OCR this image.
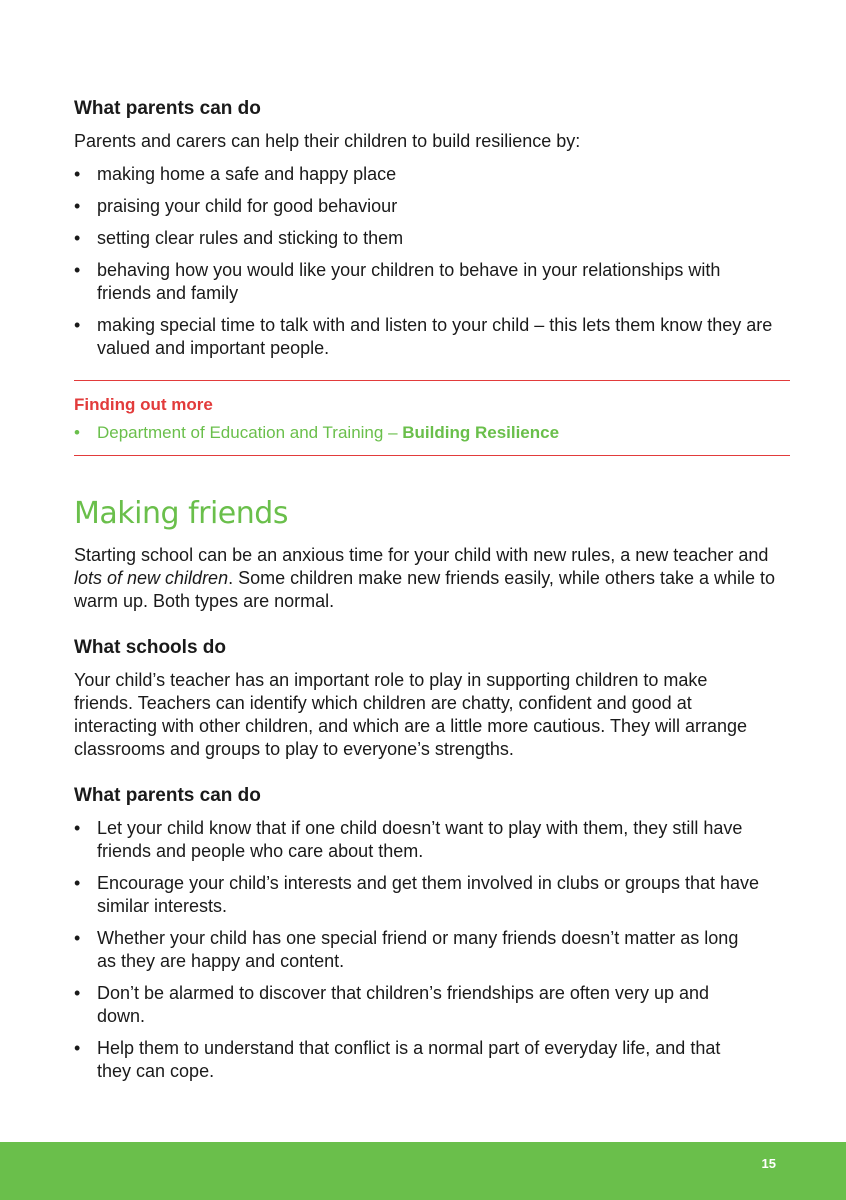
What parents can do

Parents and carers can help their children to build resilience by:

• making home a safe and happy place
• praising your child for good behaviour
• setting clear rules and sticking to them
• behaving how you would like your children to behave in your relationships with friends and family
• making special time to talk with and listen to your child – this lets them know they are valued and important people.
Finding out more
• Department of Education and Training – Building Resilience
Making friends

Starting school can be an anxious time for your child with new rules, a new teacher and lots of new children. Some children make new friends easily, while others take a while to warm up. Both types are normal.

What schools do

Your child’s teacher has an important role to play in supporting children to make friends. Teachers can identify which children are chatty, confident and good at interacting with other children, and which are a little more cautious. They will arrange classrooms and groups to play to everyone’s strengths.

What parents can do
• Let your child know that if one child doesn’t want to play with them, they still have friends and people who care about them.
• Encourage your child’s interests and get them involved in clubs or groups that have similar interests.
• Whether your child has one special friend or many friends doesn’t matter as long as they are happy and content.
• Don’t be alarmed to discover that children’s friendships are often very up and down.
• Help them to understand that conflict is a normal part of everyday life, and that they can cope.
15
